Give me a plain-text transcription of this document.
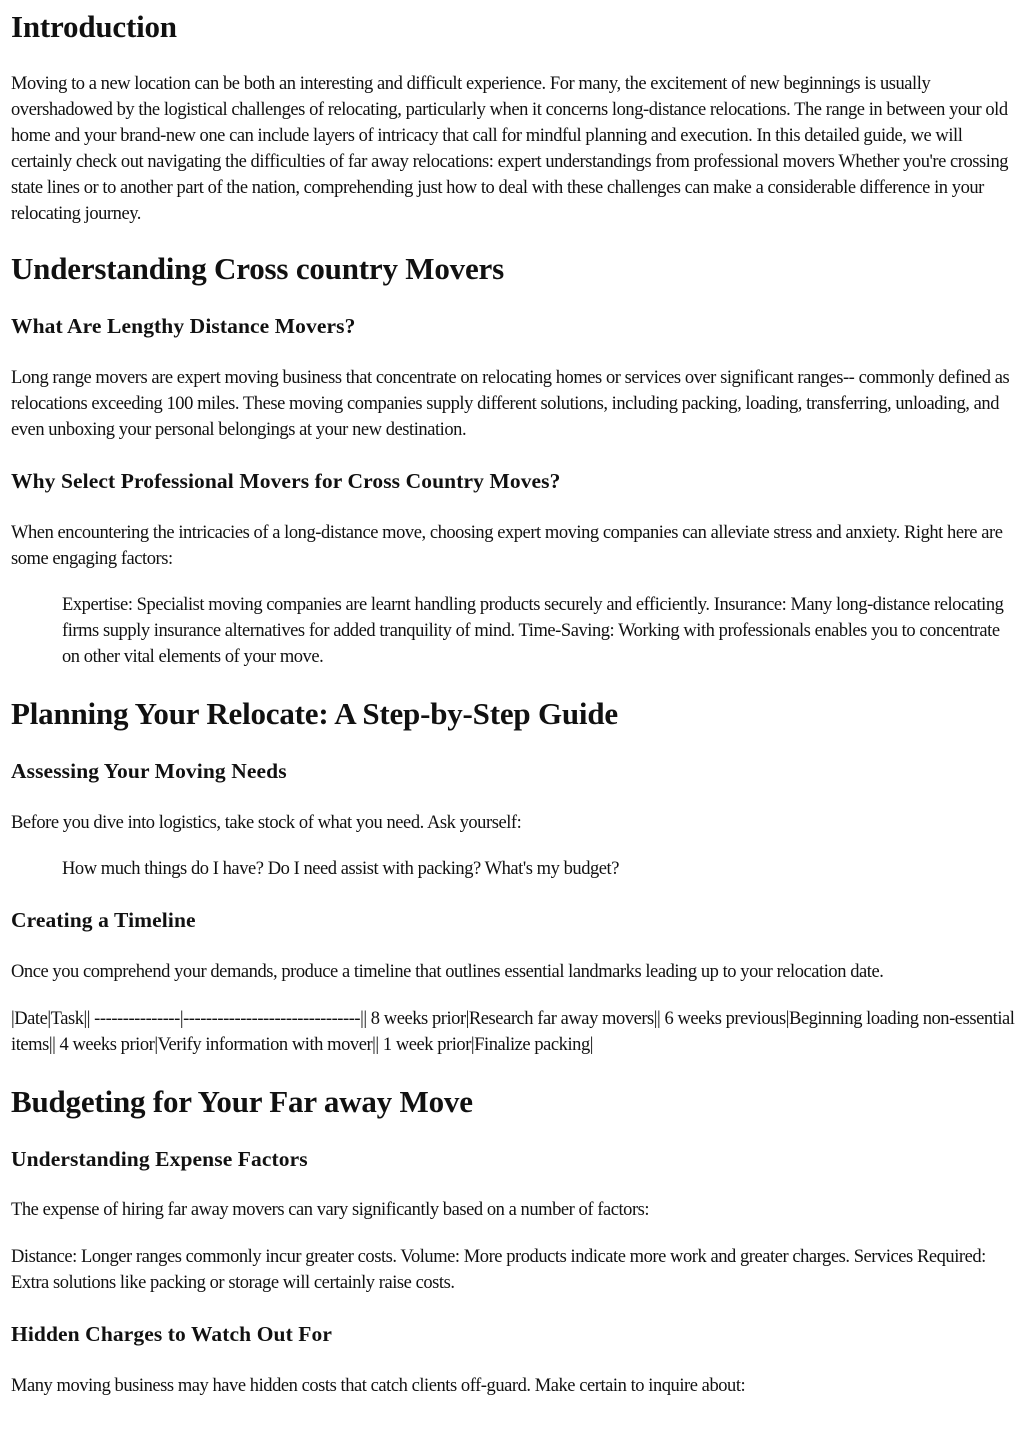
Introduction

Moving to a new location can be both an interesting and difficult experience. For many, the excitement of new beginnings is usually overshadowed by the logistical challenges of relocating, particularly when it concerns long-distance relocations. The range in between your old home and your brand-new one can include layers of intricacy that call for mindful planning and execution. In this detailed guide, we will certainly check out navigating the difficulties of far away relocations: expert understandings from professional movers Whether you're crossing state lines or to another part of the nation, comprehending just how to deal with these challenges can make a considerable difference in your relocating journey.

Understanding Cross country Movers
What Are Lengthy Distance Movers?

Long range movers are expert moving business that concentrate on relocating homes or services over significant ranges-- commonly defined as relocations exceeding 100 miles. These moving companies supply different solutions, including packing, loading, transferring, unloading, and even unboxing your personal belongings at your new destination.

Why Select Professional Movers for Cross Country Moves?

When encountering the intricacies of a long-distance move, choosing expert moving companies can alleviate stress and anxiety. Right here are some engaging factors:

Expertise: Specialist moving companies are learnt handling products securely and efficiently. Insurance: Many long-distance relocating firms supply insurance alternatives for added tranquility of mind. Time-Saving: Working with professionals enables you to concentrate on other vital elements of your move.

Planning Your Relocate: A Step-by-Step Guide
Assessing Your Moving Needs

Before you dive into logistics, take stock of what you need. Ask yourself:

How much things do I have? Do I need assist with packing? What's my budget?

Creating a Timeline

Once you comprehend your demands, produce a timeline that outlines essential landmarks leading up to your relocation date.

|Date|Task|| ---------------|-------------------------------|| 8 weeks prior|Research far away movers|| 6 weeks previous|Beginning loading non-essential items|| 4 weeks prior|Verify information with mover|| 1 week prior|Finalize packing|

Budgeting for Your Far away Move
Understanding Expense Factors

The expense of hiring far away movers can vary significantly based on a number of factors:

Distance: Longer ranges commonly incur greater costs. Volume: More products indicate more work and greater charges. Services Required: Extra solutions like packing or storage will certainly raise costs.

Hidden Charges to Watch Out For

Many moving business may have hidden costs that catch clients off-guard. Make certain to inquire about:
